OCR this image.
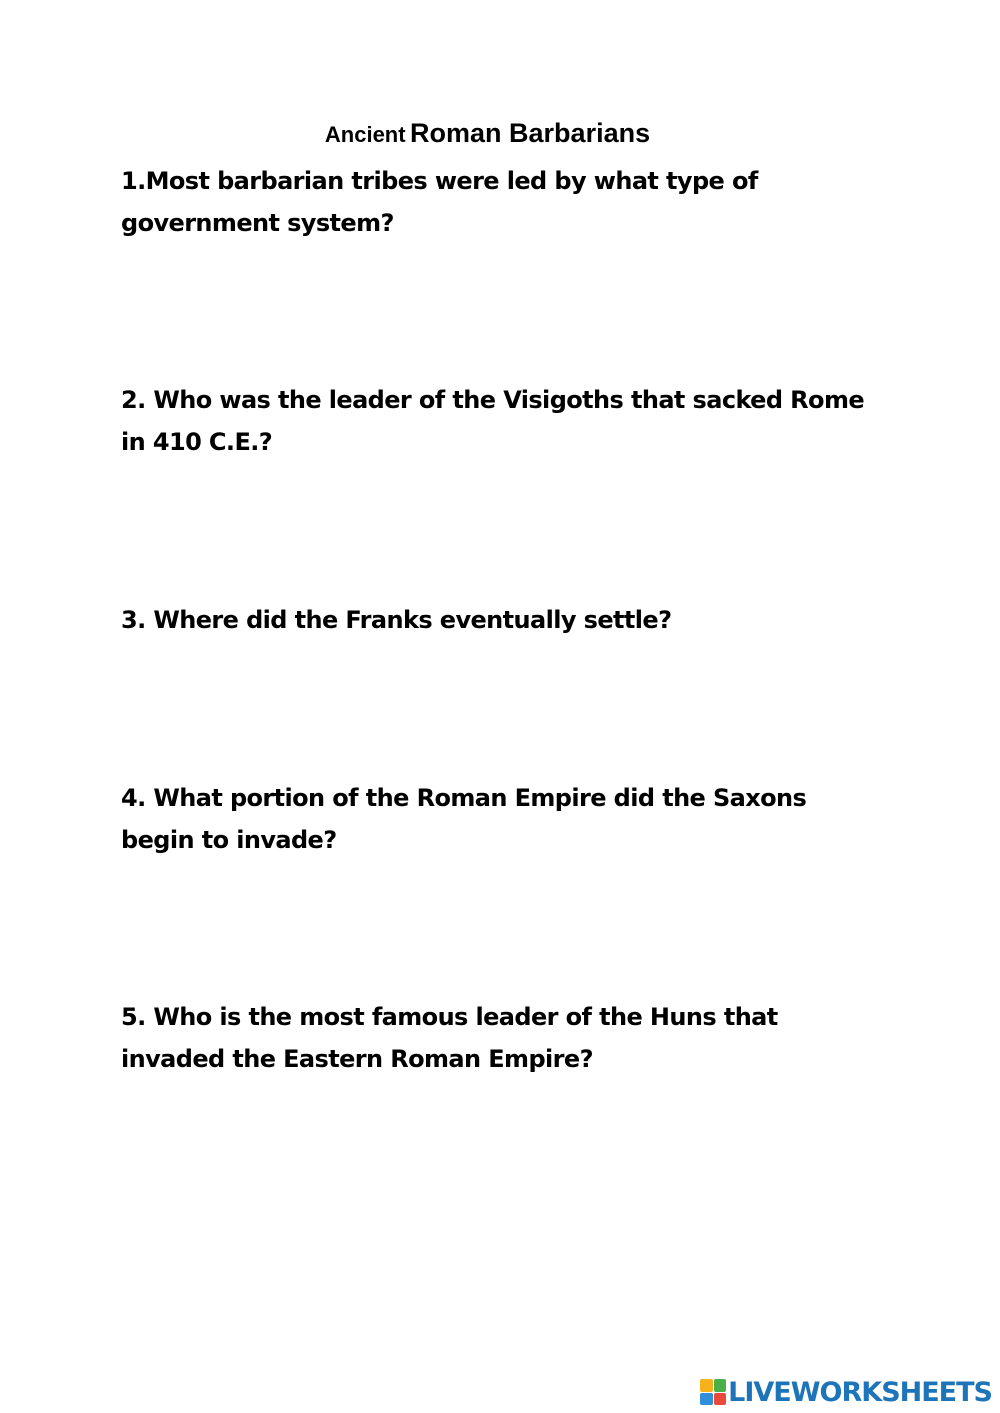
Ancient Roman Barbarians

1.Most barbarian tribes were led by what type of government system?

2. Who was the leader of the Visigoths that sacked Rome in 410 C.E.?

3. Where did the Franks eventually settle?

4. What portion of the Roman Empire did the Saxons begin to invade?

5. Who is the most famous leader of the Huns that invaded the Eastern Roman Empire?

LIVEWORKSHEETS
